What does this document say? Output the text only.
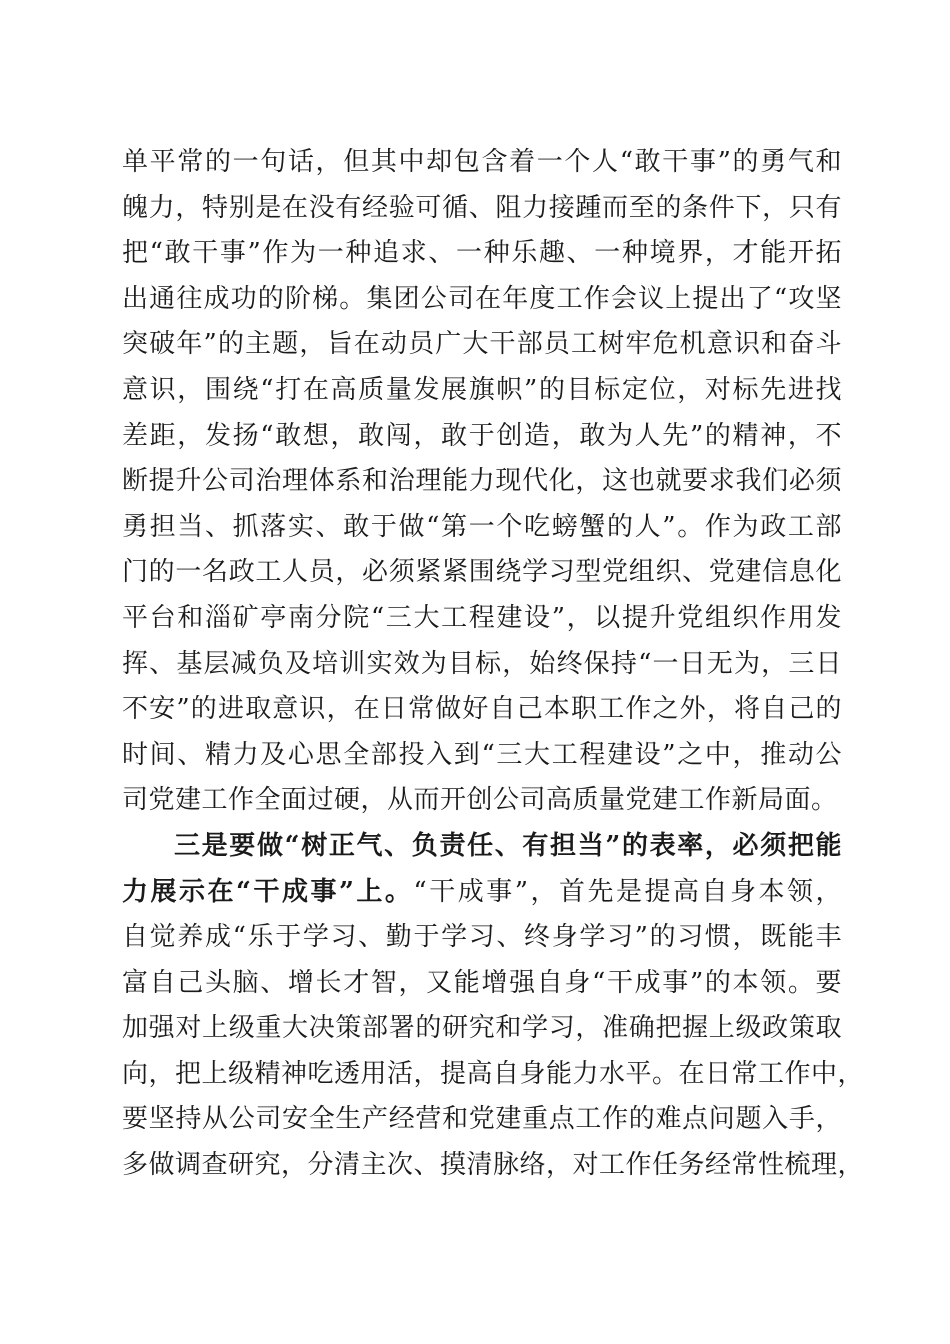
单平常的一句话，但其中却包含着一个人“敢干事”的勇气和
魄力，特别是在没有经验可循、阻力接踵而至的条件下，只有
把“敢干事”作为一种追求、一种乐趣、一种境界，才能开拓
出通往成功的阶梯。集团公司在年度工作会议上提出了“攻坚
突破年”的主题，旨在动员广大干部员工树牢危机意识和奋斗
意识，围绕“打在高质量发展旗帜”的目标定位，对标先进找
差距，发扬“敢想，敢闯，敢于创造，敢为人先”的精神，不
断提升公司治理体系和治理能力现代化，这也就要求我们必须
勇担当、抓落实、敢于做“第一个吃螃蟹的人”。作为政工部
门的一名政工人员，必须紧紧围绕学习型党组织、党建信息化
平台和淄矿亭南分院“三大工程建设”，以提升党组织作用发
挥、基层减负及培训实效为目标，始终保持“一日无为，三日
不安”的进取意识，在日常做好自己本职工作之外，将自己的
时间、精力及心思全部投入到“三大工程建设”之中，推动公
司党建工作全面过硬，从而开创公司高质量党建工作新局面。
三是要做“树正气、负责任、有担当”的表率，必须把能
力展示在“干成事”上。“干成事”，首先是提高自身本领，
自觉养成“乐于学习、勤于学习、终身学习”的习惯，既能丰
富自己头脑、增长才智，又能增强自身“干成事”的本领。要
加强对上级重大决策部署的研究和学习，准确把握上级政策取
向，把上级精神吃透用活，提高自身能力水平。在日常工作中，
要坚持从公司安全生产经营和党建重点工作的难点问题入手，
多做调查研究，分清主次、摸清脉络，对工作任务经常性梳理，
